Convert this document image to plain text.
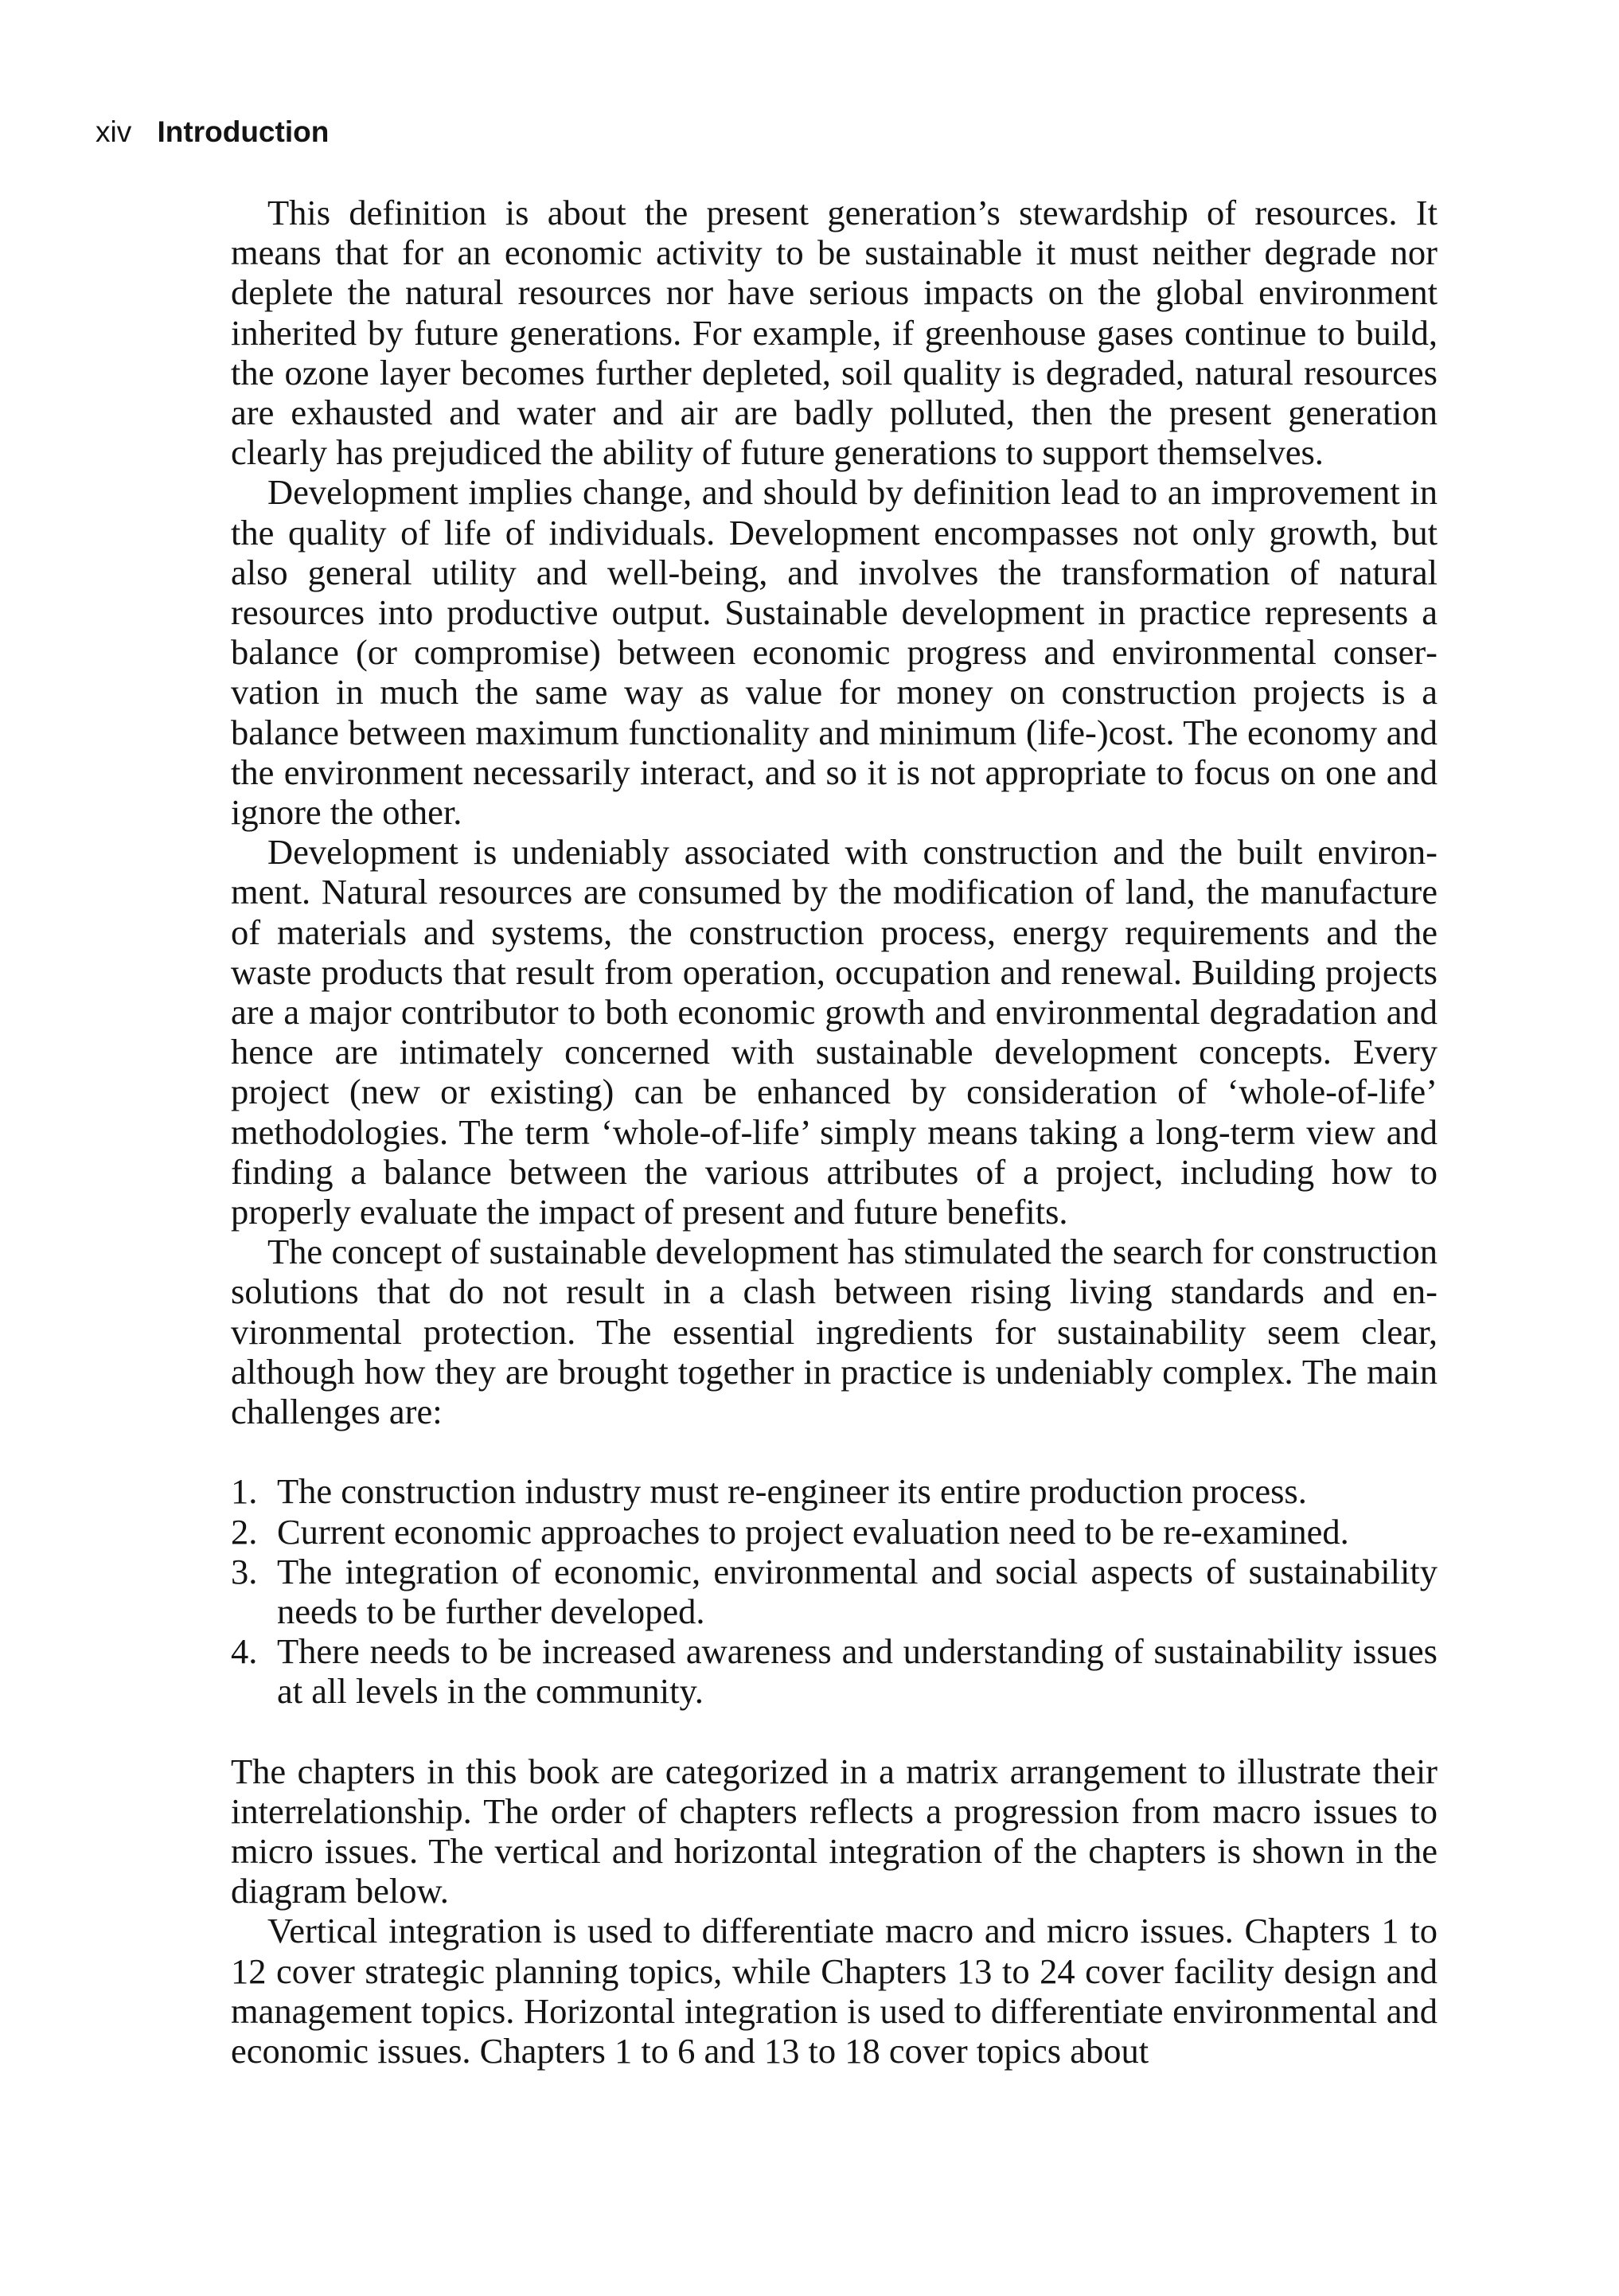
xiv Introduction

This definition is about the present generation’s stewardship of resources. It means that for an economic activity to be sustainable it must neither degrade nor deplete the natural resources nor have serious impacts on the global environment inherited by future generations. For example, if greenhouse gases continue to build, the ozone layer becomes further depleted, soil quality is degraded, natural resources are exhausted and water and air are badly polluted, then the present generation clearly has prejudiced the ability of future generations to support themselves.

Development implies change, and should by definition lead to an improvement in the quality of life of individuals. Development encompasses not only growth, but also general utility and well-being, and involves the transformation of natural resources into productive output. Sustainable development in practice represents a balance (or compromise) between economic progress and environmental conservation in much the same way as value for money on construction projects is a balance between maximum functionality and minimum (life-)cost. The economy and the environment necessarily interact, and so it is not appropriate to focus on one and ignore the other.

Development is undeniably associated with construction and the built environment. Natural resources are consumed by the modification of land, the manufacture of materials and systems, the construction process, energy requirements and the waste products that result from operation, occupation and renewal. Building projects are a major contributor to both economic growth and environmental degradation and hence are intimately concerned with sustainable development concepts. Every project (new or existing) can be enhanced by consideration of ‘whole-of-life’ methodologies. The term ‘whole-of-life’ simply means taking a long-term view and finding a balance between the various attributes of a project, including how to properly evaluate the impact of present and future benefits.

The concept of sustainable development has stimulated the search for construction solutions that do not result in a clash between rising living standards and environmental protection. The essential ingredients for sustainability seem clear, although how they are brought together in practice is undeniably complex. The main challenges are:

1. The construction industry must re-engineer its entire production process.
2. Current economic approaches to project evaluation need to be re-examined.
3. The integration of economic, environmental and social aspects of sustainability needs to be further developed.
4. There needs to be increased awareness and understanding of sustainability issues at all levels in the community.

The chapters in this book are categorized in a matrix arrangement to illustrate their interrelationship. The order of chapters reflects a progression from macro issues to micro issues. The vertical and horizontal integration of the chapters is shown in the diagram below.

Vertical integration is used to differentiate macro and micro issues. Chapters 1 to 12 cover strategic planning topics, while Chapters 13 to 24 cover facility design and management topics. Horizontal integration is used to differentiate environmental and economic issues. Chapters 1 to 6 and 13 to 18 cover topics about
